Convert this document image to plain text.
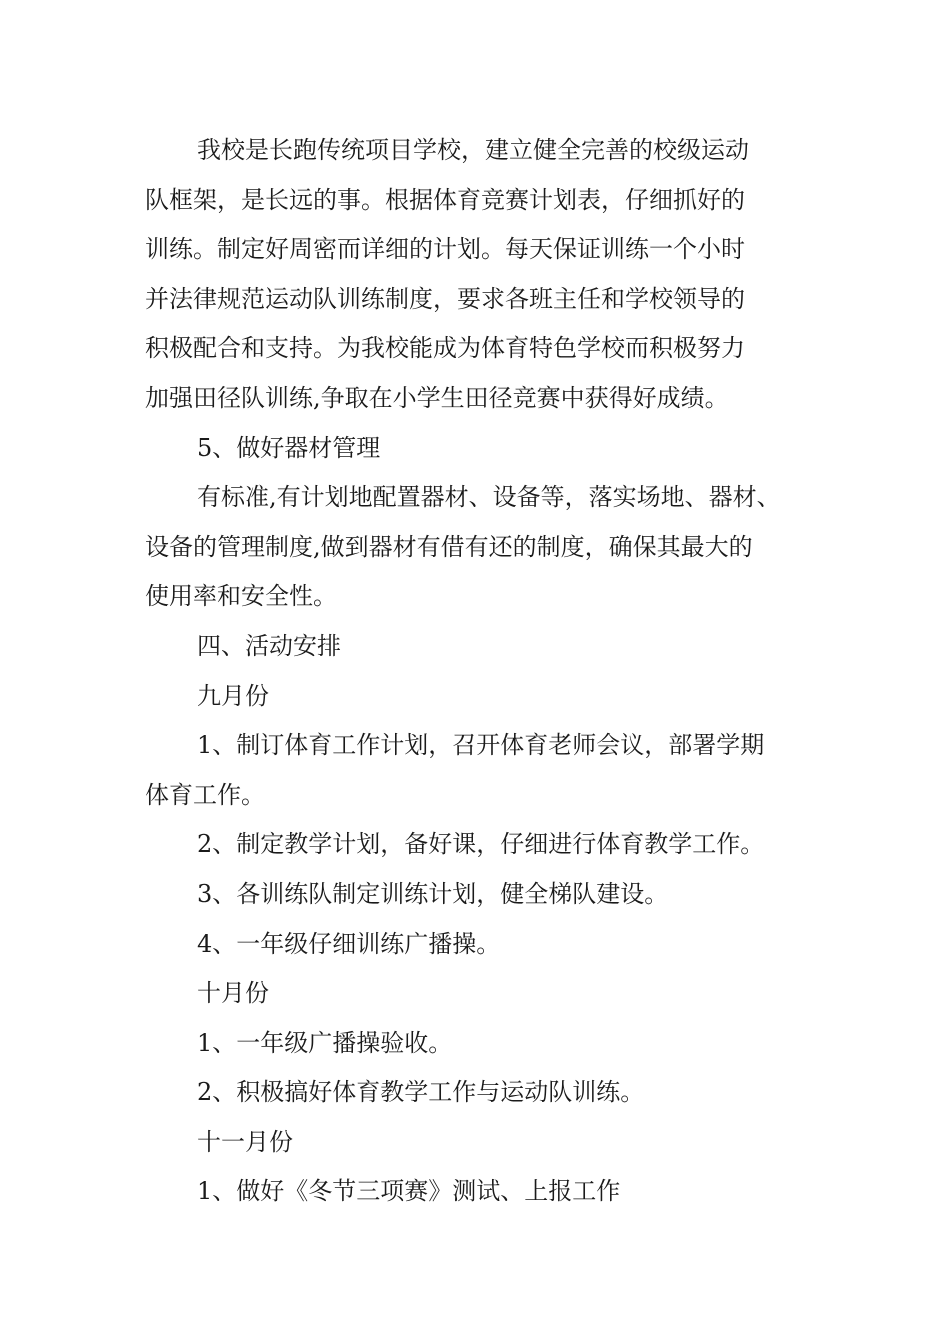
我校是长跑传统项目学校，建立健全完善的校级运动
队框架，是长远的事。根据体育竞赛计划表，仔细抓好的
训练。制定好周密而详细的计划。每天保证训练一个小时
并法律规范运动队训练制度，要求各班主任和学校领导的
积极配合和支持。为我校能成为体育特色学校而积极努力
加强田径队训练,争取在小学生田径竞赛中获得好成绩。
5、做好器材管理
有标准,有计划地配置器材、设备等，落实场地、器材、
设备的管理制度,做到器材有借有还的制度，确保其最大的
使用率和安全性。
四、活动安排
九月份
1、制订体育工作计划，召开体育老师会议，部署学期
体育工作。
2、制定教学计划，备好课，仔细进行体育教学工作。
3、各训练队制定训练计划，健全梯队建设。
4、一年级仔细训练广播操。
十月份
1、一年级广播操验收。
2、积极搞好体育教学工作与运动队训练。
十一月份
1、做好《冬节三项赛》测试、上报工作
